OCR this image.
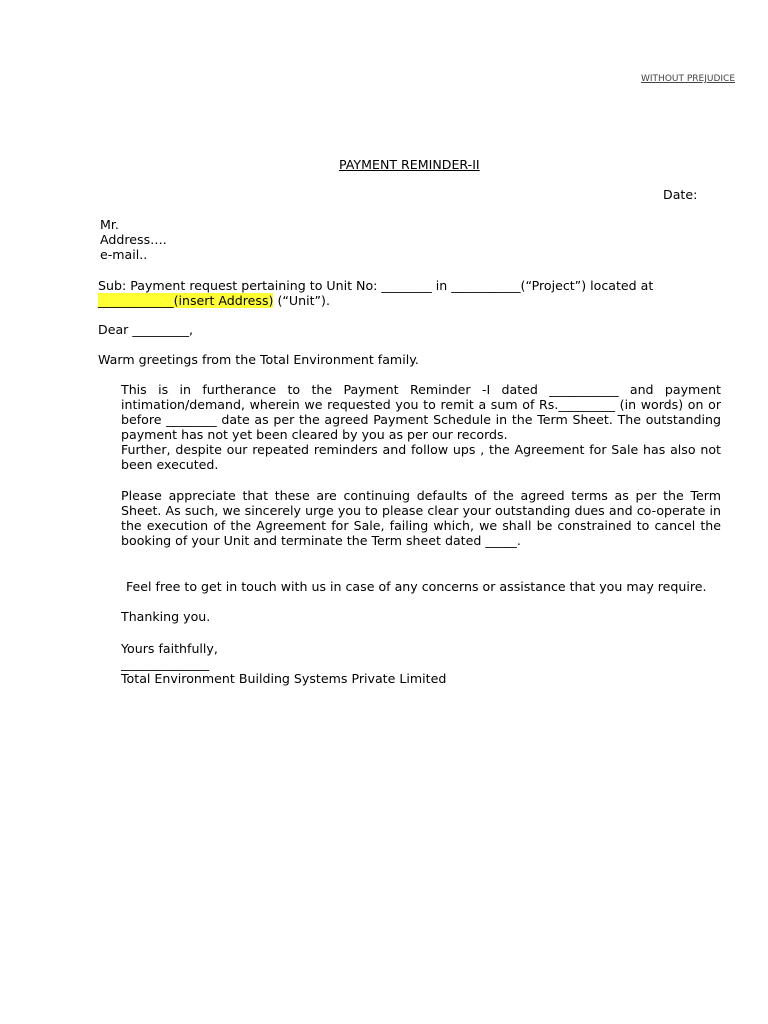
WITHOUT PREJUDICE
PAYMENT REMINDER-II
Date:
Mr.
Address….
e-mail..
Sub: Payment request pertaining to Unit No: ________ in ___________(“Project”) located at
____________(insert Address) (“Unit”).
Dear _________,
Warm greetings from the Total Environment family.

This is in furtherance to the Payment Reminder -I dated ___________ and payment intimation/demand, wherein we requested you to remit a sum of Rs._________ (in words) on or before ________ date as per the agreed Payment Schedule in the Term Sheet. The outstanding payment has not yet been cleared by you as per our records.

Further, despite our repeated reminders and follow ups , the Agreement for Sale has also not been executed.

Please appreciate that these are continuing defaults of the agreed terms as per the Term Sheet. As such, we sincerely urge you to please clear your outstanding dues and co-operate in the execution of the Agreement for Sale, failing which, we shall be constrained to cancel the booking of your Unit and terminate the Term sheet dated _____.

Feel free to get in touch with us in case of any concerns or assistance that you may require.
Thanking you.
Yours faithfully,
______________
Total Environment Building Systems Private Limited
